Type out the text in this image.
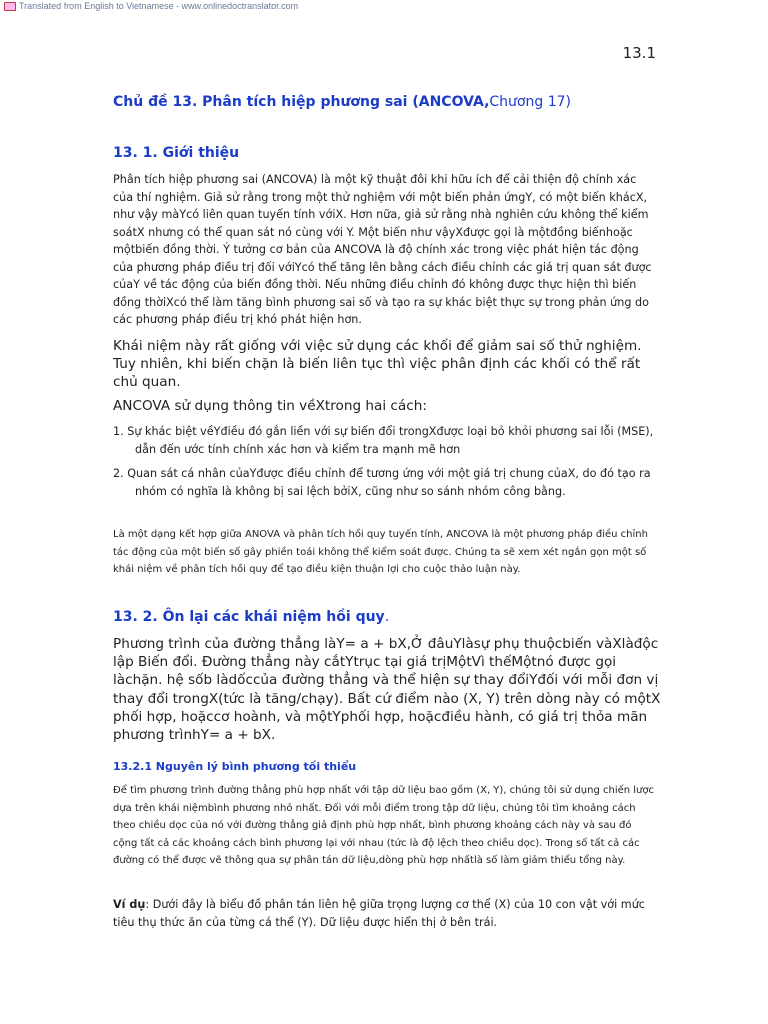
Translated from English to Vietnamese - www.onlinedoctranslator.com
13.1
Chủ đề 13. Phân tích hiệp phương sai (ANCOVA,Chương 17)
13. 1. Giới thiệu

Phân tích hiệp phương sai (ANCOVA) là một kỹ thuật đôi khi hữu ích để cải thiện độ chính xác của thí nghiệm. Giả sử rằng trong một thử nghiệm với một biến phản ứngY, có một biến khácX, như vậy màYcó liên quan tuyến tính vớiX. Hơn nữa, giả sử rằng nhà nghiên cứu không thể kiểm soátX nhưng có thể quan sát nó cùng với Y. Một biến như vậyXđược gọi là mộtđồng biếnhoặc mộtbiến đồng thời. Ý tưởng cơ bản của ANCOVA là độ chính xác trong việc phát hiện tác động của phương pháp điều trị đối vớiYcó thể tăng lên bằng cách điều chỉnh các giá trị quan sát được củaY về tác động của biến đồng thời. Nếu những điều chỉnh đó không được thực hiện thì biến đồng thờiXcó thể làm tăng bình phương sai số và tạo ra sự khác biệt thực sự trong phản ứng do các phương pháp điều trị khó phát hiện hơn.

Khái niệm này rất giống với việc sử dụng các khối để giảm sai số thử nghiệm. Tuy nhiên, khi biến chặn là biến liên tục thì việc phân định các khối có thể rất chủ quan.

ANCOVA sử dụng thông tin vềXtrong hai cách:

1. Sự khác biệt vềYđiều đó gắn liền với sự biến đổi trongXđược loại bỏ khỏi phương sai lỗi (MSE), dẫn đến ước tính chính xác hơn và kiểm tra mạnh mẽ hơn

2. Quan sát cá nhân củaYđược điều chỉnh để tương ứng với một giá trị chung củaX, do đó tạo ra nhóm có nghĩa là không bị sai lệch bởiX, cũng như so sánh nhóm công bằng.

Là một dạng kết hợp giữa ANOVA và phân tích hồi quy tuyến tính, ANCOVA là một phương pháp điều chỉnh tác động của một biến số gây phiền toái không thể kiểm soát được. Chúng ta sẽ xem xét ngắn gọn một số khái niệm về phân tích hồi quy để tạo điều kiện thuận lợi cho cuộc thảo luận này.

13. 2. Ôn lại các khái niệm hồi quy.

Phương trình của đường thẳng làY= a + bX,Ở đâuYlàsự phụ thuộcbiến vàXlàđộc lập Biến đổi. Đường thẳng này cắtYtrục tại giá trịMộtVì thếMộtnó được gọi làchặn. hệ sốb làdốccủa đường thẳng và thể hiện sự thay đổiYđối với mỗi đơn vị thay đổi trongX(tức là tăng/chạy). Bất cứ điểm nào (X, Y) trên dòng này có mộtX phối hợp, hoặccơ hoành, và mộtYphối hợp, hoặcđiều hành, có giá trị thỏa mãn phương trìnhY= a + bX.

13.2.1 Nguyên lý bình phương tối thiểu

Để tìm phương trình đường thẳng phù hợp nhất với tập dữ liệu bao gồm (X, Y), chúng tôi sử dụng chiến lược dựa trên khái niệmbình phương nhỏ nhất. Đối với mỗi điểm trong tập dữ liệu, chúng tôi tìm khoảng cách theo chiều dọc của nó với đường thẳng giả định phù hợp nhất, bình phương khoảng cách này và sau đó cộng tất cả các khoảng cách bình phương lại với nhau (tức là độ lệch theo chiều dọc). Trong số tất cả các đường có thể được vẽ thông qua sự phân tán dữ liệu,dòng phù hợp nhấtlà số làm giảm thiểu tổng này.

Ví dụ: Dưới đây là biểu đồ phân tán liên hệ giữa trọng lượng cơ thể (X) của 10 con vật với mức tiêu thụ thức ăn của từng cá thể (Y). Dữ liệu được hiển thị ở bên trái.
